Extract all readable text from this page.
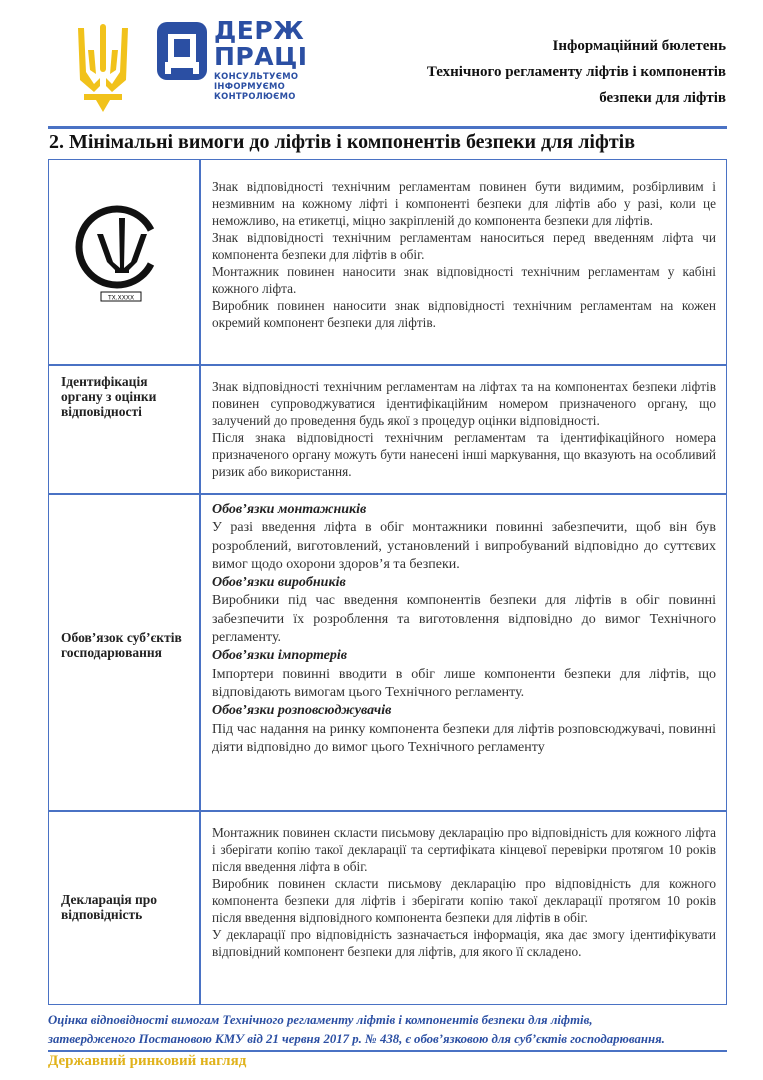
ДЕРЖ
ПРАЦІ
КОНСУЛЬТУЄМО
ІНФОРМУЄМО
КОНТРОЛЮЄМО
Інформаційний бюлетень
Технічного регламенту ліфтів і компонентів
безпеки для ліфтів
2. Мінімальні вимоги до ліфтів і компонентів безпеки для ліфтів
ТХ.ХХХХ

Знак відповідності технічним регламентам повинен бути видимим, розбірливим і незмивним на кожному ліфті і компоненті безпеки для ліфтів або у разі, коли це неможливо, на етикетці, міцно закріпленій до компонента безпеки для ліфтів.

Знак відповідності технічним регламентам наноситься перед введенням ліфта чи компонента безпеки для ліфтів в обіг.

Монтажник повинен наносити знак відповідності технічним регламентам у кабіні кожного ліфта.

Виробник повинен наносити знак відповідності технічним регламентам на кожен окремий компонент безпеки для ліфтів.

Ідентифікація органу з оцінки відповідності

Знак відповідності технічним регламентам на ліфтах та на компонентах безпеки ліфтів повинен супроводжуватися ідентифікаційним номером призначеного органу, що залучений до проведення будь якої з процедур оцінки відповідності.

Після знака відповідності технічним регламентам та ідентифікаційного номера призначеного органу можуть бути нанесені інші маркування, що вказують на особливий ризик або використання.

Обов’язок суб’єктів господарювання

Обов’язки монтажників

У разі введення ліфта в обіг монтажники повинні забезпечити, щоб він був розроблений, виготовлений, установлений і випробуваний відповідно до суттєвих вимог щодо охорони здоров’я та безпеки.

Обов’язки виробників

Виробники під час введення компонентів безпеки для ліфтів в обіг повинні забезпечити їх розроблення та виготовлення відповідно до вимог Технічного регламенту.

Обов’язки імпортерів

Імпортери повинні вводити в обіг лише компоненти безпеки для ліфтів, що відповідають вимогам цього Технічного регламенту.

Обов’язки розповсюджувачів

Під час надання на ринку компонента безпеки для ліфтів розповсюджувачі, повинні діяти відповідно до вимог цього Технічного регламенту

Декларація про відповідність

Монтажник повинен скласти письмову декларацію про відповідність для кожного ліфта і зберігати копію такої декларації та сертифіката кінцевої перевірки протягом 10 років після введення ліфта в обіг.

Виробник повинен скласти письмову декларацію про відповідність для кожного компонента безпеки для ліфтів і зберігати копію такої декларації протягом 10 років після введення відповідного компонента безпеки для ліфтів в обіг.

У декларації про відповідність зазначається інформація, яка дає змогу ідентифікувати відповідний компонент безпеки для ліфтів, для якого її складено.

Оцінка відповідності вимогам Технічного регламенту ліфтів і компонентів безпеки для ліфтів,
затвердженого Постановою КМУ від 21 червня 2017 р. № 438, є обов’язковою для суб’єктів господарювання.
Державний ринковий нагляд
